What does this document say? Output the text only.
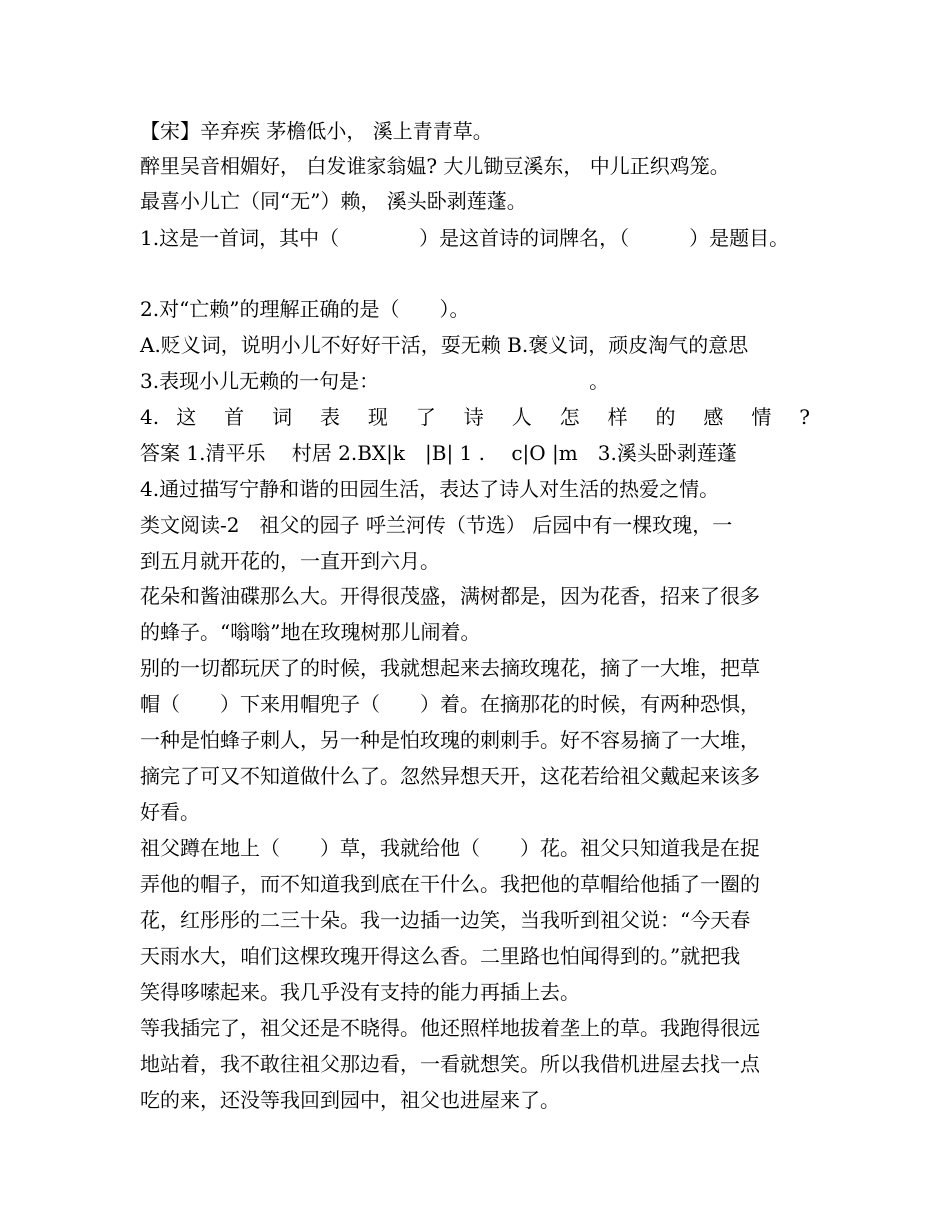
【宋】辛弃疾 茅檐低小， 溪上青青草。
醉里吴音相媚好， 白发谁家翁媪? 大儿锄豆溪东， 中儿正织鸡笼。
最喜小儿亡（同“无”）赖， 溪头卧剥莲蓬。
1.这是一首词，其中（　　　　）是这首诗的词牌名，（　　　）是题目。
2.对“亡赖”的理解正确的是（　　）。
A.贬义词，说明小儿不好好干活，耍无赖 B.褒义词，顽皮淘气的意思
3.表现小儿无赖的一句是：　　　　　　　　　　　。
4. 这 首 词 表 现 了 诗 人 怎 样 的 感 情 ?
答案 1.清平乐　 村居 2.BX|k　|B| 1 .　 c|O |m　3.溪头卧剥莲蓬
4.通过描写宁静和谐的田园生活，表达了诗人对生活的热爱之情。
类文阅读-2　祖父的园子 呼兰河传（节选） 后园中有一棵玫瑰，一
到五月就开花的，一直开到六月。
花朵和酱油碟那么大。开得很茂盛，满树都是，因为花香，招来了很多
的蜂子。“嗡嗡”地在玫瑰树那儿闹着。
别的一切都玩厌了的时候，我就想起来去摘玫瑰花，摘了一大堆，把草
帽（　　）下来用帽兜子（　　）着。在摘那花的时候，有两种恐惧，
一种是怕蜂子刺人，另一种是怕玫瑰的刺刺手。好不容易摘了一大堆，
摘完了可又不知道做什么了。忽然异想天开，这花若给祖父戴起来该多
好看。
祖父蹲在地上（　　）草，我就给他（　　）花。祖父只知道我是在捉
弄他的帽子，而不知道我到底在干什么。我把他的草帽给他插了一圈的
花，红彤彤的二三十朵。我一边插一边笑，当我听到祖父说：“今天春
天雨水大，咱们这棵玫瑰开得这么香。二里路也怕闻得到的。”就把我
笑得哆嗦起来。我几乎没有支持的能力再插上去。
等我插完了，祖父还是不晓得。他还照样地拔着垄上的草。我跑得很远
地站着，我不敢往祖父那边看，一看就想笑。所以我借机进屋去找一点
吃的来，还没等我回到园中，祖父也进屋来了。
